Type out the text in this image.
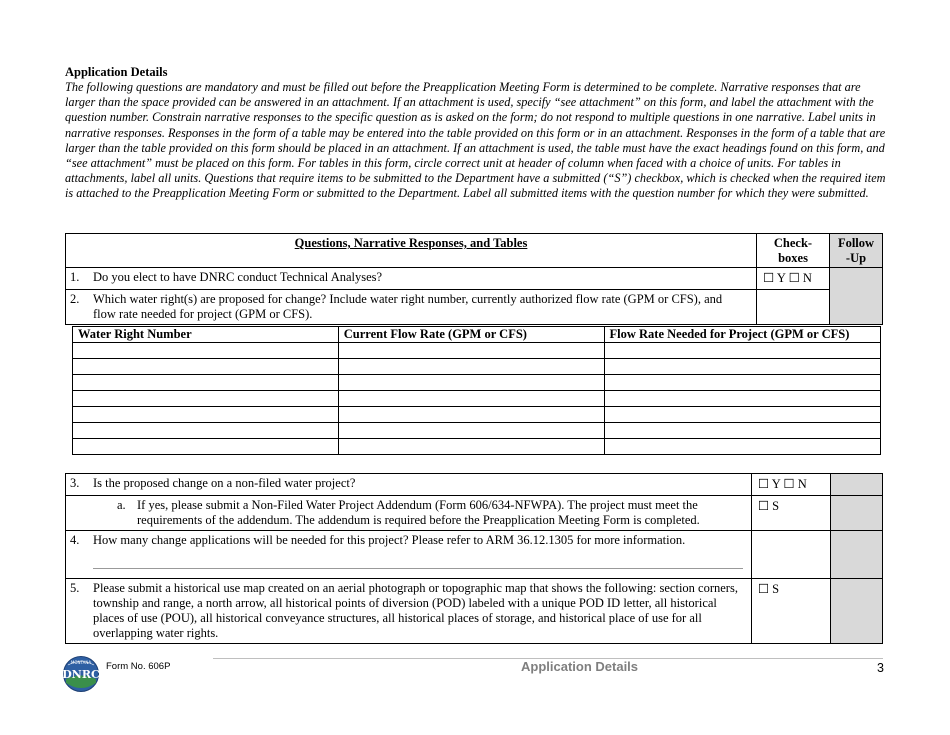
Application Details
The following questions are mandatory and must be filled out before the Preapplication Meeting Form is determined to be complete. Narrative responses that are larger than the space provided can be answered in an attachment. If an attachment is used, specify “see attachment” on this form, and label the attachment with the question number. Constrain narrative responses to the specific question as is asked on the form; do not respond to multiple questions in one narrative. Label units in narrative responses. Responses in the form of a table may be entered into the table provided on this form or in an attachment. Responses in the form of a table that are larger than the table provided on this form should be placed in an attachment. If an attachment is used, the table must have the exact headings found on this form, and “see attachment” must be placed on this form. For tables in this form, circle correct unit at header of column when faced with a choice of units. For tables in attachments, label all units. Questions that require items to be submitted to the Department have a submitted (“S”) checkbox, which is checked when the required item is attached to the Preapplication Meeting Form or submitted to the Department. Label all submitted items with the question number for which they were submitted.
Questions, Narrative Responses, and Tables	Check-boxes	Follow -Up

1. Do you elect to have DNRC conduct Technical Analyses?	☐ Y ☐ N	

2. Which water right(s) are proposed for change? Include water right number, currently authorized flow rate (GPM or CFS), and flow rate needed for project (GPM or CFS).		

Water Right Number	Current Flow Rate (GPM or CFS)	Flow Rate Needed for Project (GPM or CFS)

3. Is the proposed change on a non-filed water project?	☐ Y ☐ N	

a. If yes, please submit a Non-Filed Water Project Addendum (Form 606/634-NFWPA). The project must meet the requirements of the addendum. The addendum is required before the Preapplication Meeting Form is completed.	☐ S	

4. How many change applications will be needed for this project? Please refer to ARM 36.12.1305 for more information.		

5. Please submit a historical use map created on an aerial photograph or topographic map that shows the following: section corners, township and range, a north arrow, all historical points of diversion (POD) labeled with a unique POD ID letter, all historical places of use (POU), all historical conveyance structures, all historical places of storage, and historical place of use for all overlapping water rights.	☐ S	
MONTANA
DNRC
Form No. 606P	Application Details	3
